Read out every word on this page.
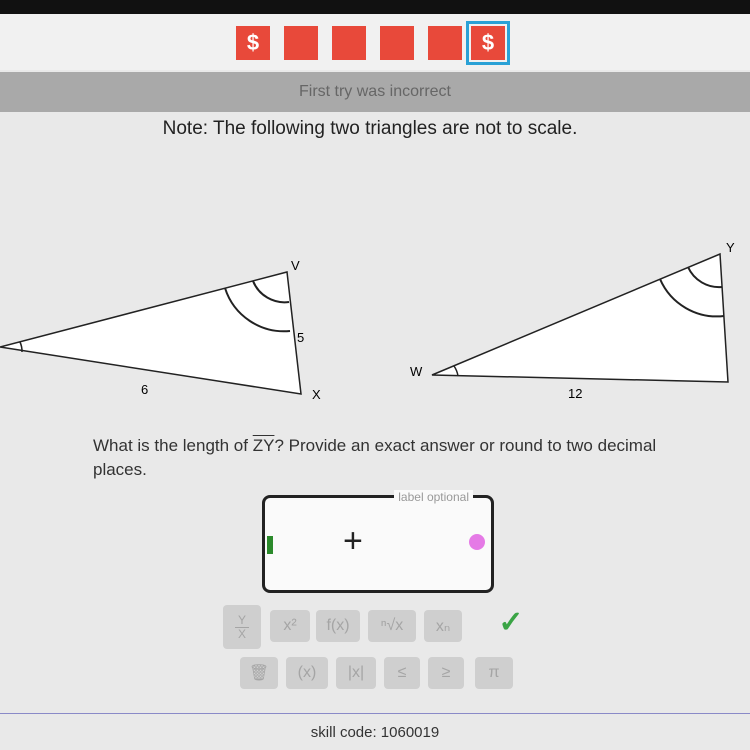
$	$
First try was incorrect
Note: The following two triangles are not to scale.
V
X
5
6
Y
W
12
What is the length of $\overline{ZY}$? Provide an exact answer or round to two decimal places.
label optional
+
$\frac{Y}{X}$	x²	f(x)	ⁿ√x	xₙ	✓
🗑	(x)	|x|	≤	≥	π
skill code: 1060019
